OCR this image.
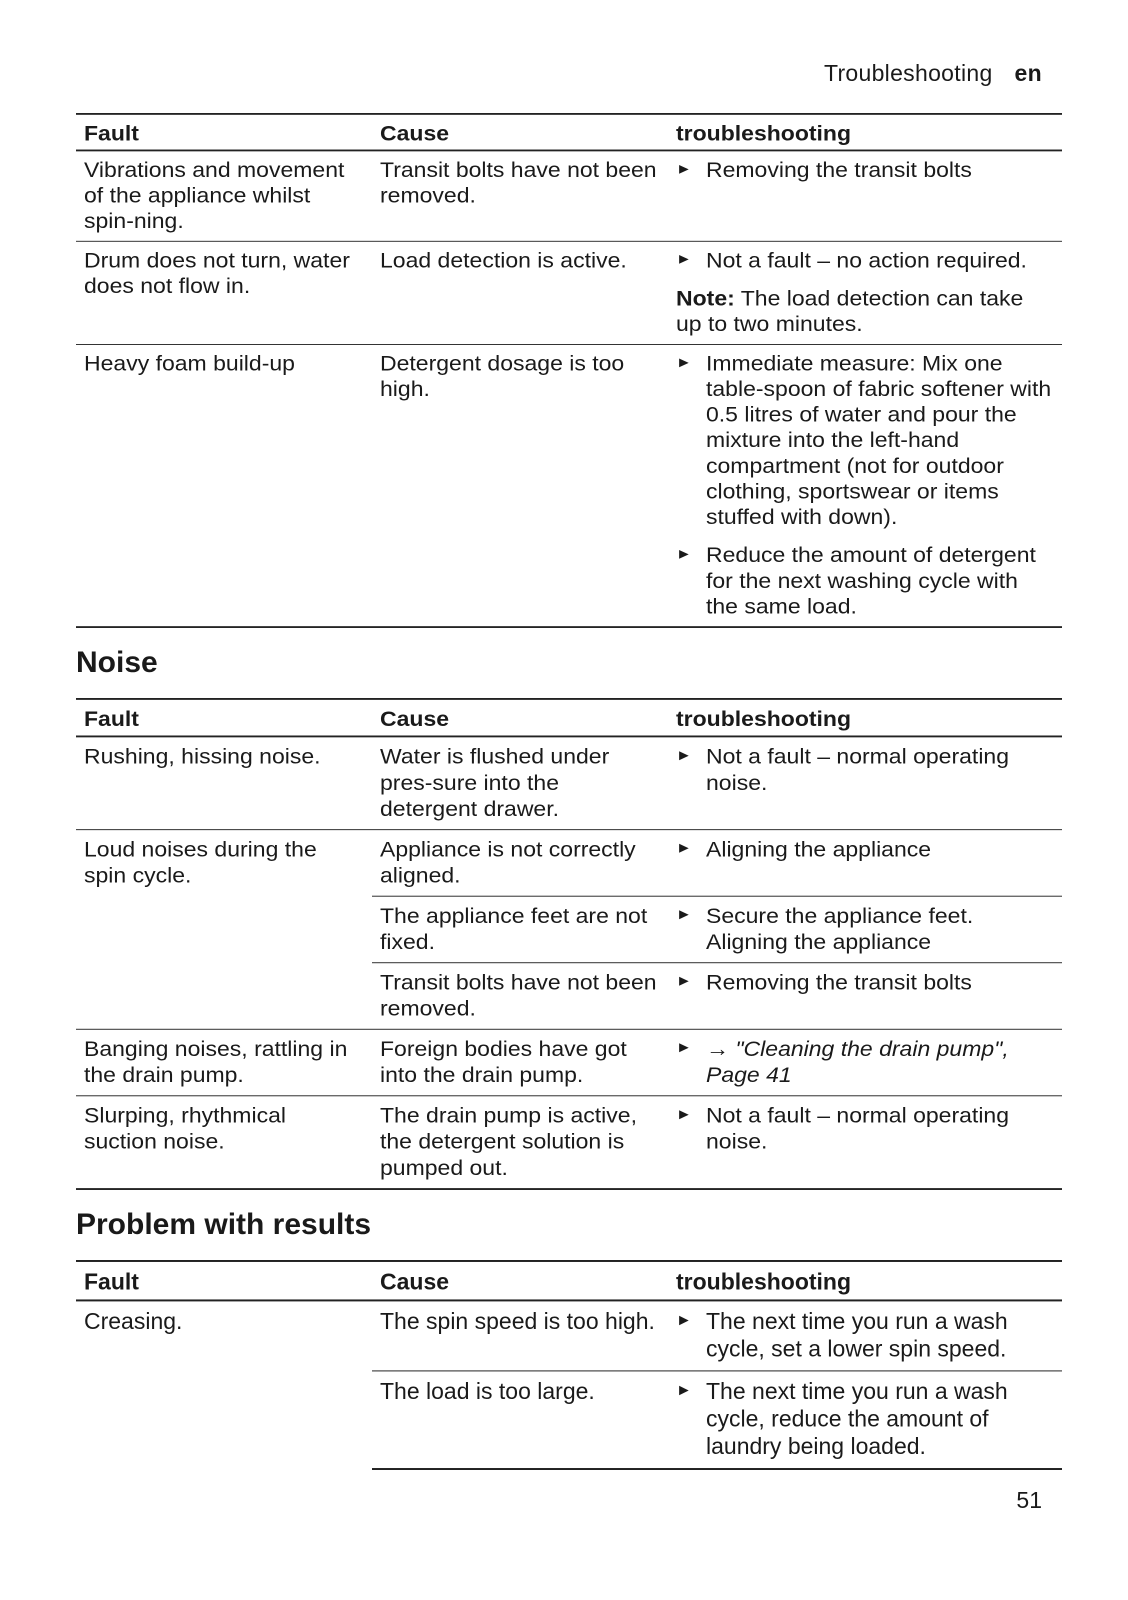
Troubleshooting en
Fault	Cause	troubleshooting
Vibrations and movement of the appliance whilst spin-ning.	Transit bolts have not been removed.	► Removing the transit bolts

Drum does not turn, water does not flow in.	Load detection is active.	► Not a fault – no action required.
Note: The load detection can take up to two minutes.

Heavy foam build-up	Detergent dosage is too high.	► Immediate measure: Mix one table-spoon of fabric softener with 0.5 litres of water and pour the mixture into the left-hand compartment (not for outdoor clothing, sportswear or items stuffed with down).
► Reduce the amount of detergent for the next washing cycle with the same load.
Noise
Fault	Cause	troubleshooting
Rushing, hissing noise.	Water is flushed under pres-sure into the detergent drawer.	► Not a fault – normal operating noise.

Loud noises during the spin cycle.	Appliance is not correctly aligned.	► Aligning the appliance

	The appliance feet are not fixed.	► Secure the appliance feet. Aligning the appliance

	Transit bolts have not been removed.	► Removing the transit bolts

Banging noises, rattling in the drain pump.	Foreign bodies have got into the drain pump.	► → "Cleaning the drain pump", Page 41

Slurping, rhythmical suction noise.	The drain pump is active, the detergent solution is pumped out.	► Not a fault – normal operating noise.
Problem with results
Fault	Cause	troubleshooting
Creasing.	The spin speed is too high.	► The next time you run a wash cycle, set a lower spin speed.

	The load is too large.	► The next time you run a wash cycle, reduce the amount of laundry being loaded.
51
